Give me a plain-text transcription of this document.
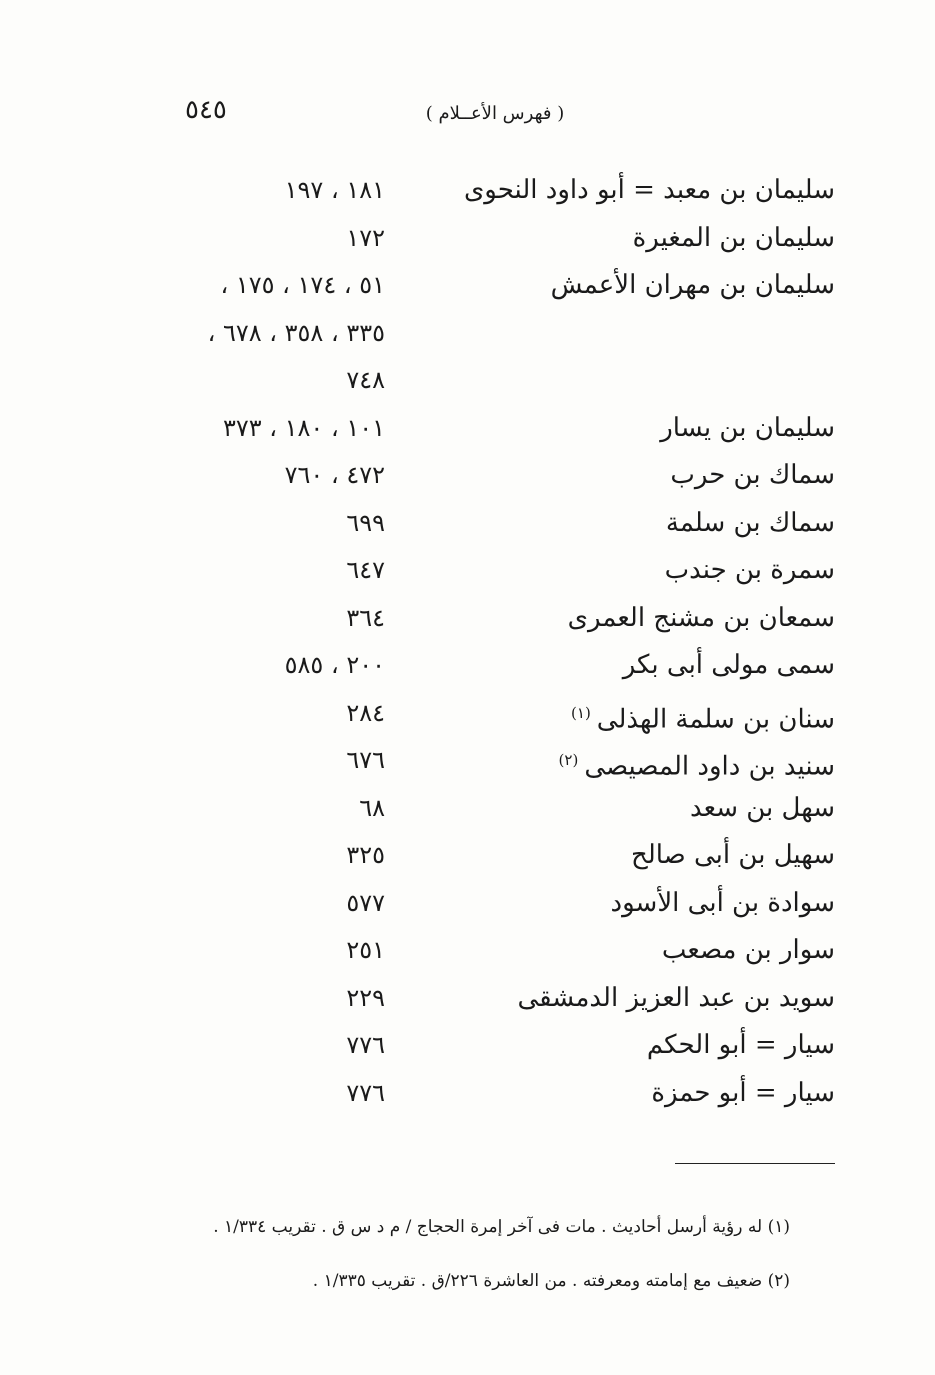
٥٤٥	( فهرس الأعــلام )
سليمان بن معبد = أبو داود النحوى
١٨١ ، ١٩٧
سليمان بن المغيرة
١٧٢
سليمان بن مهران الأعمش
٥١ ، ١٧٤ ، ١٧٥ ،
٣٣٥ ، ٣٥٨ ، ٦٧٨ ،
٧٤٨
سليمان بن يسار
١٠١ ، ١٨٠ ، ٣٧٣
سماك بن حرب
٤٧٢ ، ٧٦٠
سماك بن سلمة
٦٩٩
سمرة بن جندب
٦٤٧
سمعان بن مشنج العمرى
٣٦٤
سمى مولى أبى بكر
٢٠٠ ، ٥٨٥
سنان بن سلمة الهذلى$^{(١)}$
٢٨٤
سنيد بن داود المصيصى$^{(٢)}$
٦٧٦
سهل بن سعد
٦٨
سهيل بن أبى صالح
٣٢٥
سوادة بن أبى الأسود
٥٧٧
سوار بن مصعب
٢٥١
سويد بن عبد العزيز الدمشقى
٢٢٩
سيار = أبو الحكم
٧٧٦
سيار = أبو حمزة
٧٧٦
(١) له رؤية أرسل أحاديث . مات فى آخر إمرة الحجاج / م د س ق . تقريب ١/٣٣٤ .
(٢) ضعيف مع إمامته ومعرفته . من العاشرة ٢٢٦/ق . تقريب ١/٣٣٥ .
